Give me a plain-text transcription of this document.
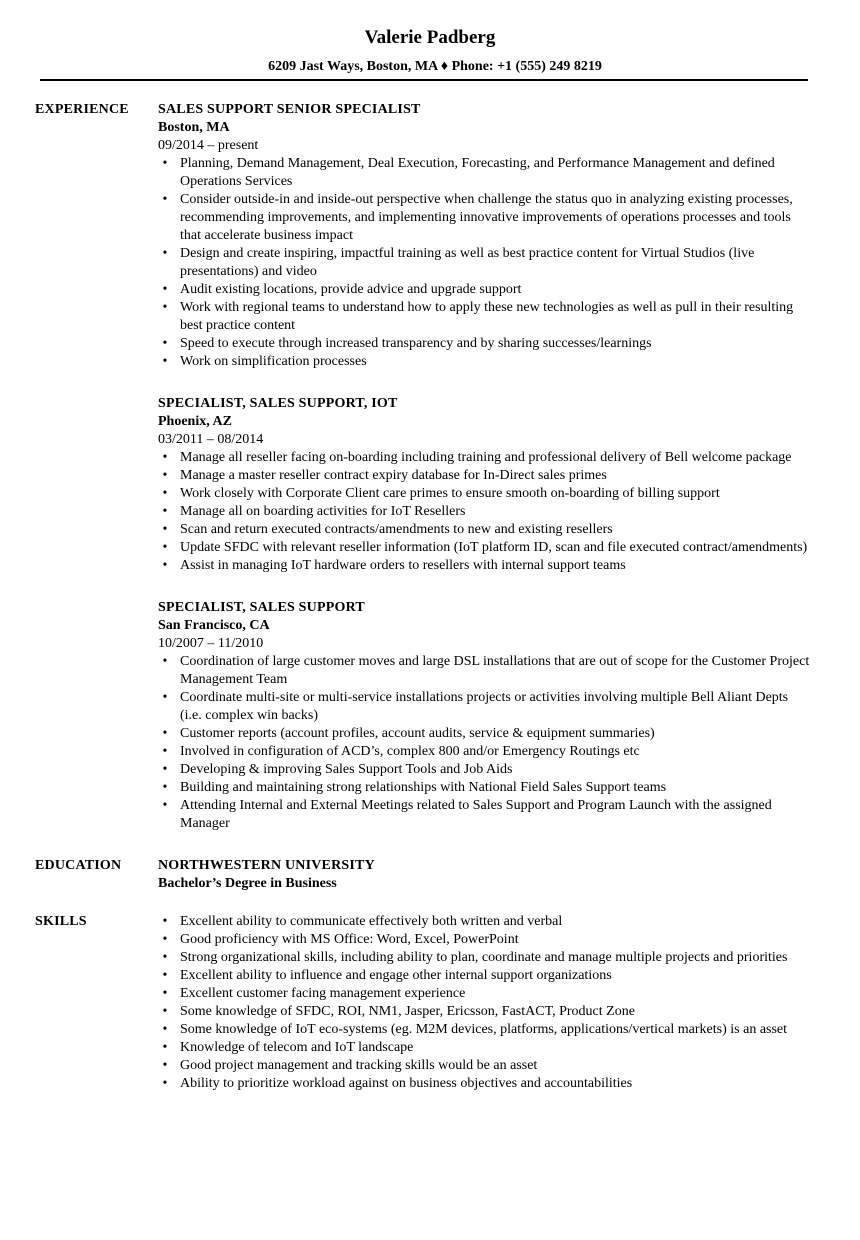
Valerie Padberg
6209 Jast Ways, Boston, MA ♦ Phone: +1 (555) 249 8219
EXPERIENCE SALES SUPPORT SENIOR SPECIALIST
Boston, MA
09/2014 – present
• Planning, Demand Management, Deal Execution, Forecasting, and Performance Management and defined Operations Services
• Consider outside-in and inside-out perspective when challenge the status quo in analyzing existing processes, recommending improvements, and implementing innovative improvements of operations processes and tools that accelerate business impact
• Design and create inspiring, impactful training as well as best practice content for Virtual Studios (live presentations) and video
• Audit existing locations, provide advice and upgrade support
• Work with regional teams to understand how to apply these new technologies as well as pull in their resulting best practice content
• Speed to execute through increased transparency and by sharing successes/learnings
• Work on simplification processes
SPECIALIST, SALES SUPPORT, IOT
Phoenix, AZ
03/2011 – 08/2014
• Manage all reseller facing on-boarding including training and professional delivery of Bell welcome package
• Manage a master reseller contract expiry database for In-Direct sales primes
• Work closely with Corporate Client care primes to ensure smooth on-boarding of billing support
• Manage all on boarding activities for IoT Resellers
• Scan and return executed contracts/amendments to new and existing resellers
• Update SFDC with relevant reseller information (IoT platform ID, scan and file executed contract/amendments)
• Assist in managing IoT hardware orders to resellers with internal support teams
SPECIALIST, SALES SUPPORT
San Francisco, CA
10/2007 – 11/2010
• Coordination of large customer moves and large DSL installations that are out of scope for the Customer Project Management Team
• Coordinate multi-site or multi-service installations projects or activities involving multiple Bell Aliant Depts (i.e. complex win backs)
• Customer reports (account profiles, account audits, service & equipment summaries)
• Involved in configuration of ACD’s, complex 800 and/or Emergency Routings etc
• Developing & improving Sales Support Tools and Job Aids
• Building and maintaining strong relationships with National Field Sales Support teams
• Attending Internal and External Meetings related to Sales Support and Program Launch with the assigned Manager
EDUCATION	NORTHWESTERN UNIVERSITY
Bachelor’s Degree in Business
SKILLS	• Excellent ability to communicate effectively both written and verbal
• Good proficiency with MS Office: Word, Excel, PowerPoint
• Strong organizational skills, including ability to plan, coordinate and manage multiple projects and priorities
• Excellent ability to influence and engage other internal support organizations
• Excellent customer facing management experience
• Some knowledge of SFDC, ROI, NM1, Jasper, Ericsson, FastACT, Product Zone
• Some knowledge of IoT eco-systems (eg. M2M devices, platforms, applications/vertical markets) is an asset
• Knowledge of telecom and IoT landscape
• Good project management and tracking skills would be an asset
• Ability to prioritize workload against on business objectives and accountabilities
